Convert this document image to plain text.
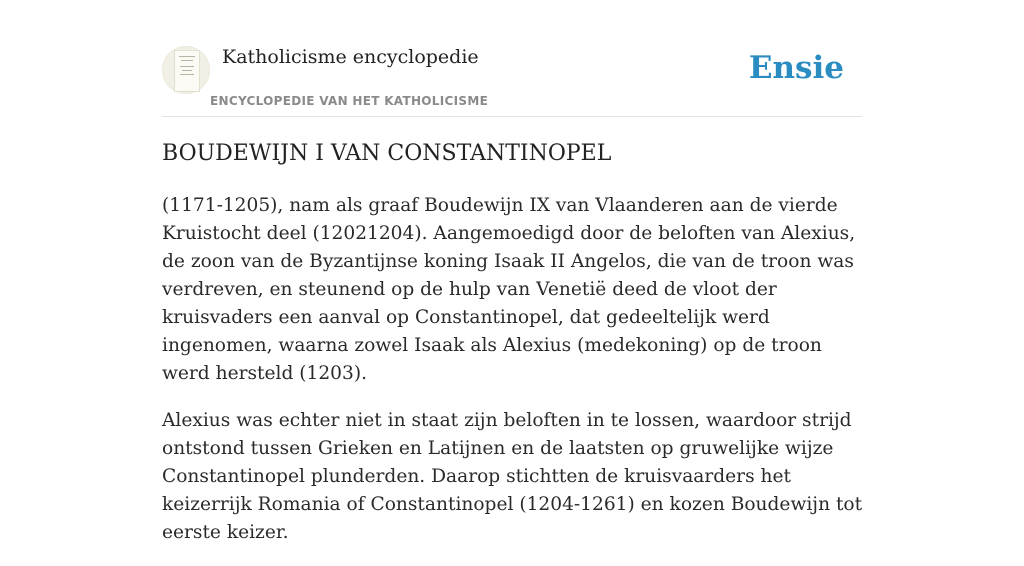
Katholicisme encyclopedie
ENCYCLOPEDIE VAN HET KATHOLICISME
Ensie
BOUDEWIJN I VAN CONSTANTINOPEL

(1171-1205), nam als graaf Boudewijn IX van Vlaanderen aan de vierde Kruistocht deel (12021204). Aangemoedigd door de beloften van Alexius, de zoon van de Byzantijnse koning Isaak II Angelos, die van de troon was verdreven, en steunend op de hulp van Venetië deed de vloot der kruisvaders een aanval op Constantinopel, dat gedeeltelijk werd ingenomen, waarna zowel Isaak als Alexius (medekoning) op de troon werd hersteld (1203).

Alexius was echter niet in staat zijn beloften in te lossen, waardoor strijd ontstond tussen Grieken en Latijnen en de laatsten op gruwelijke wijze Constantinopel plunderden. Daarop stichtten de kruisvaarders het keizerrijk Romania of Constantinopel (1204-1261) en kozen Boudewijn tot eerste keizer.
